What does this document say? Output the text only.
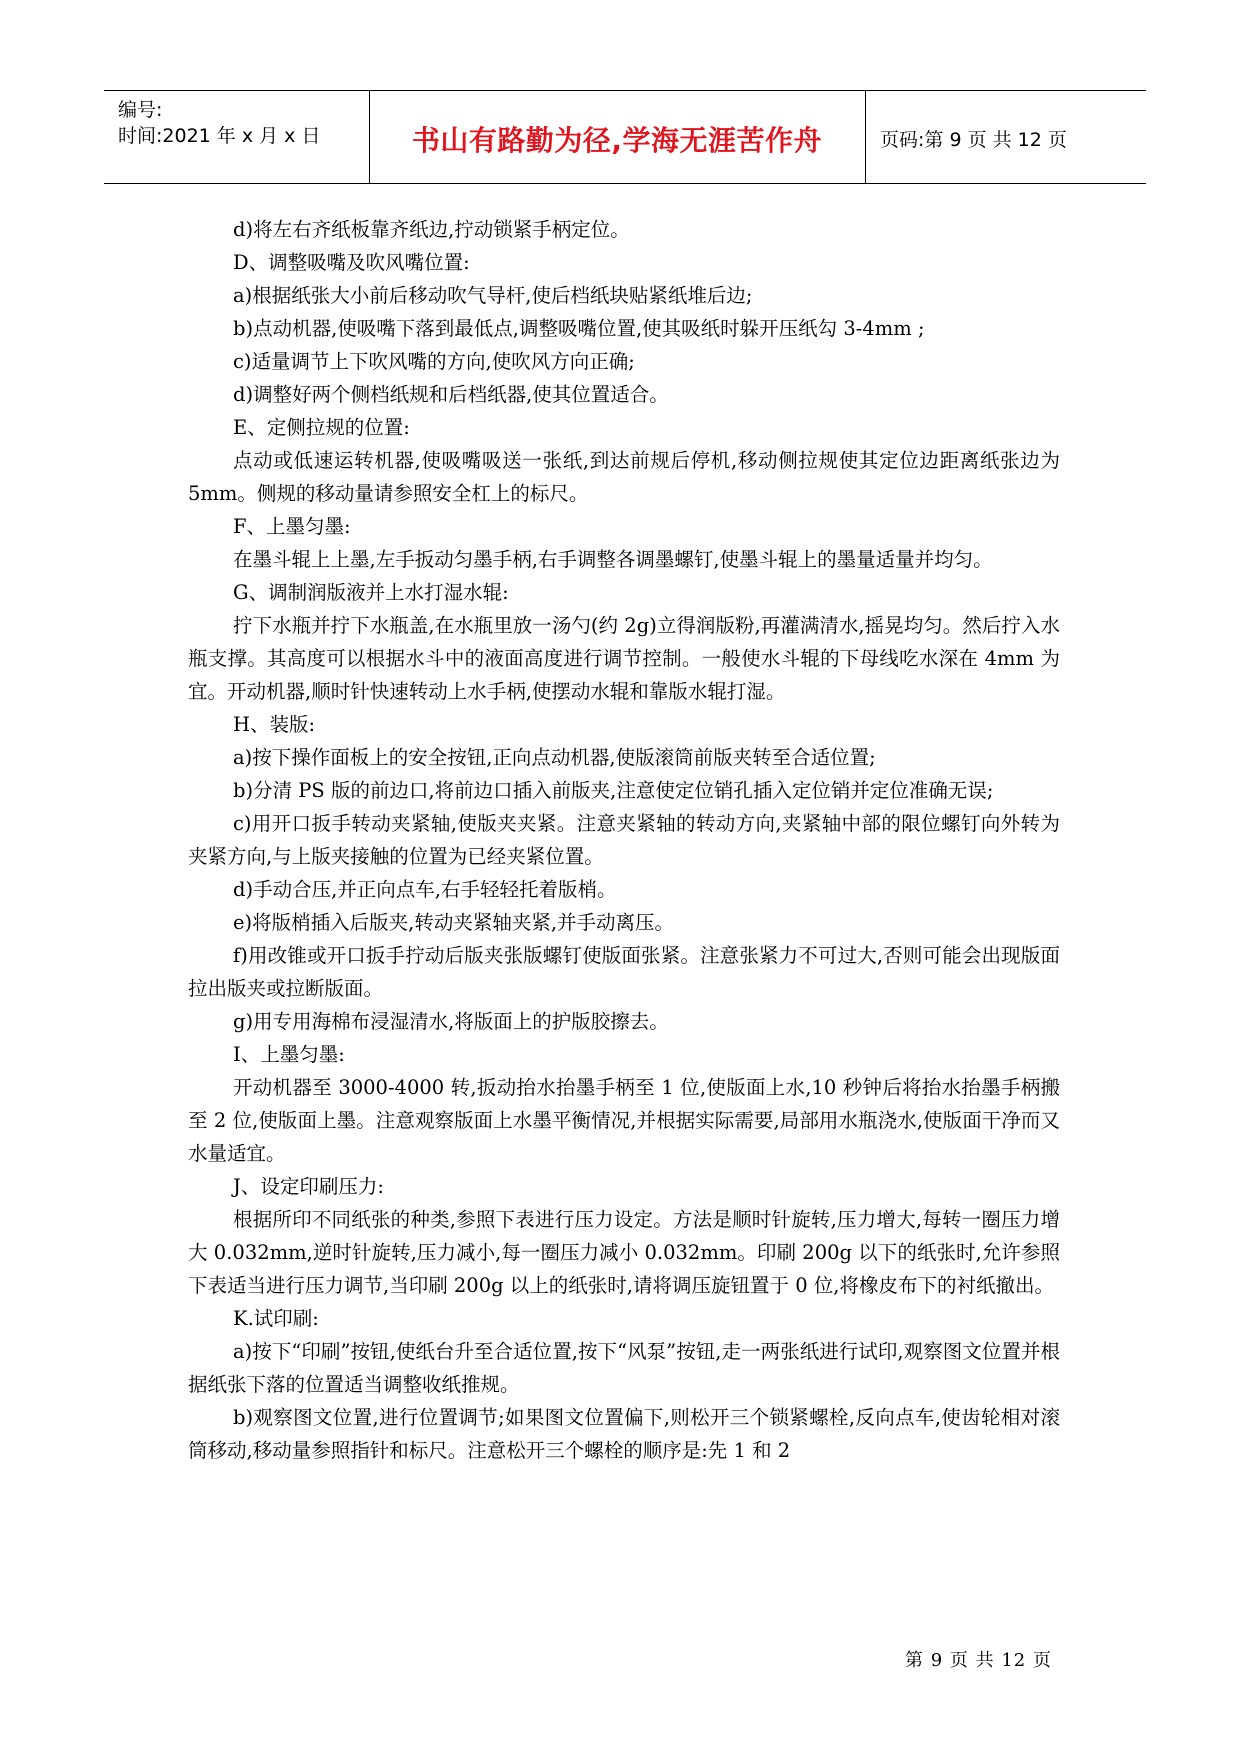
编号:
时间:2021 年 x 月 x 日	书山有路勤为径,学海无涯苦作舟	页码:第 9 页 共 12 页

d)将左右齐纸板靠齐纸边,拧动锁紧手柄定位。

D、调整吸嘴及吹风嘴位置:

a)根据纸张大小前后移动吹气导杆,使后档纸块贴紧纸堆后边;

b)点动机器,使吸嘴下落到最低点,调整吸嘴位置,使其吸纸时躲开压纸勾 3-4mm ;

c)适量调节上下吹风嘴的方向,使吹风方向正确;

d)调整好两个侧档纸规和后档纸器,使其位置适合。

E、定侧拉规的位置:

点动或低速运转机器,使吸嘴吸送一张纸,到达前规后停机,移动侧拉规使其定位边距离纸张边为 5mm。侧规的移动量请参照安全杠上的标尺。

F、上墨匀墨:

在墨斗辊上上墨,左手扳动匀墨手柄,右手调整各调墨螺钉,使墨斗辊上的墨量适量并均匀。

G、调制润版液并上水打湿水辊:

拧下水瓶并拧下水瓶盖,在水瓶里放一汤勺(约 2g)立得润版粉,再灌满清水,摇晃均匀。然后拧入水瓶支撑。其高度可以根据水斗中的液面高度进行调节控制。一般使水斗辊的下母线吃水深在 4mm 为宜。开动机器,顺时针快速转动上水手柄,使摆动水辊和靠版水辊打湿。

H、装版:

a)按下操作面板上的安全按钮,正向点动机器,使版滚筒前版夹转至合适位置;

b)分清 PS 版的前边口,将前边口插入前版夹,注意使定位销孔插入定位销并定位准确无误;

c)用开口扳手转动夹紧轴,使版夹夹紧。注意夹紧轴的转动方向,夹紧轴中部的限位螺钉向外转为夹紧方向,与上版夹接触的位置为已经夹紧位置。

d)手动合压,并正向点车,右手轻轻托着版梢。

e)将版梢插入后版夹,转动夹紧轴夹紧,并手动离压。

f)用改锥或开口扳手拧动后版夹张版螺钉使版面张紧。注意张紧力不可过大,否则可能会出现版面拉出版夹或拉断版面。

g)用专用海棉布浸湿清水,将版面上的护版胶擦去。

I、上墨匀墨:

开动机器至 3000-4000 转,扳动抬水抬墨手柄至 1 位,使版面上水,10 秒钟后将抬水抬墨手柄搬至 2 位,使版面上墨。注意观察版面上水墨平衡情况,并根据实际需要,局部用水瓶浇水,使版面干净而又水量适宜。

J、设定印刷压力:

根据所印不同纸张的种类,参照下表进行压力设定。方法是顺时针旋转,压力增大,每转一圈压力增大 0.032mm,逆时针旋转,压力减小,每一圈压力减小 0.032mm。印刷 200g 以下的纸张时,允许参照下表适当进行压力调节,当印刷 200g 以上的纸张时,请将调压旋钮置于 0 位,将橡皮布下的衬纸撤出。

K.试印刷:

a)按下“印刷”按钮,使纸台升至合适位置,按下“风泵”按钮,走一两张纸进行试印,观察图文位置并根据纸张下落的位置适当调整收纸推规。

b)观察图文位置,进行位置调节;如果图文位置偏下,则松开三个锁紧螺栓,反向点车,使齿轮相对滚筒移动,移动量参照指针和标尺。注意松开三个螺栓的顺序是:先 1 和 2

第 9 页 共 12 页
